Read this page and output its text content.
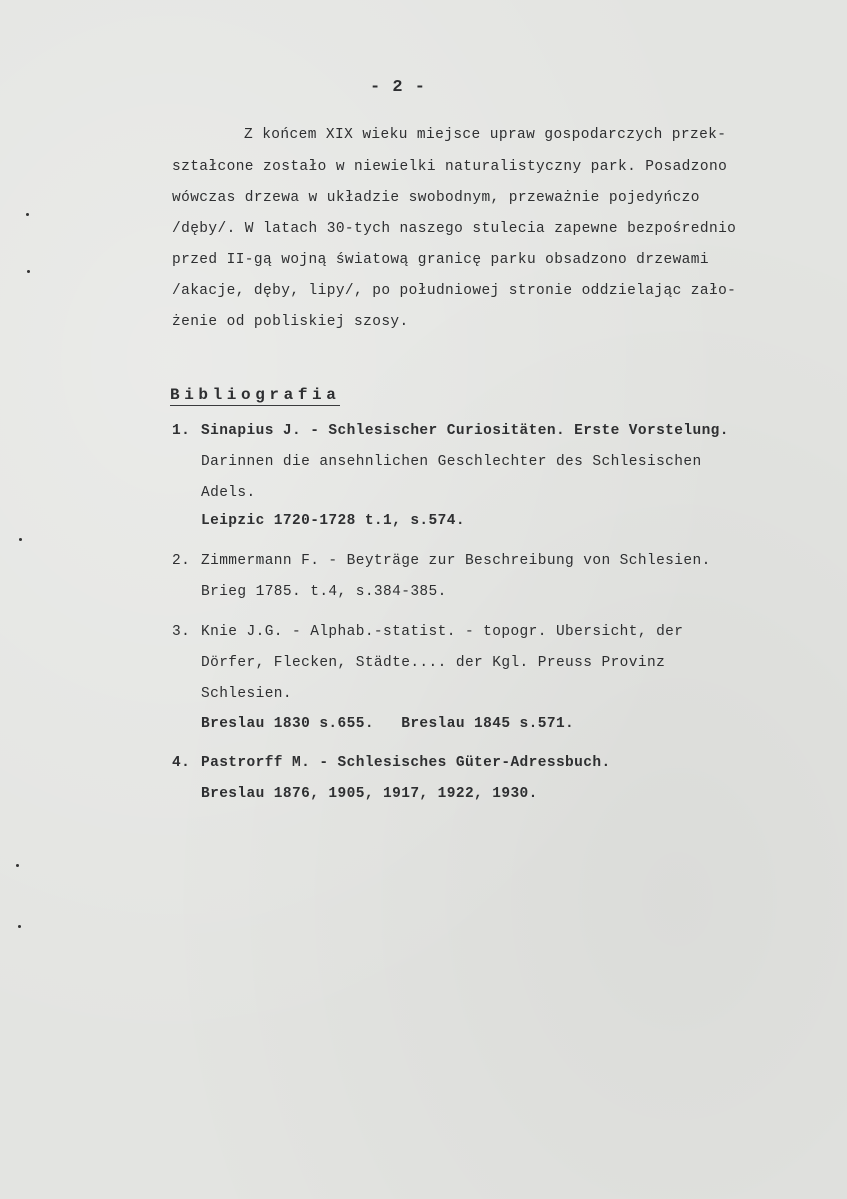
- 2 -
Z końcem XIX wieku miejsce upraw gospodarczych przek-
ształcone zostało w niewielki naturalistyczny park. Posadzono
wówczas drzewa w układzie swobodnym, przeważnie pojedyńczo
/dęby/. W latach 30-tych naszego stulecia zapewne bezpośrednio
przed II-gą wojną światową granicę parku obsadzono drzewami
/akacje, dęby, lipy/, po południowej stronie oddzielając zało-
żenie od pobliskiej szosy.
Bibliografia
1. Sinapius J. - Schlesischer Curiositäten. Erste Vorstelung.
Darinnen die ansehnlichen Geschlechter des Schlesischen
Adels.
Leipzic 1720-1728 t.1, s.574.
2. Zimmermann F. - Beyträge zur Beschreibung von Schlesien.
Brieg 1785. t.4, s.384-385.
3. Knie J.G. - Alphab.-statist. - topogr. Ubersicht, der
Dörfer, Flecken, Städte.... der Kgl. Preuss Provinz
Schlesien.
Breslau 1830 s.655.   Breslau 1845 s.571.
4. Pastrorff M. - Schlesisches Güter-Adressbuch.
Breslau 1876, 1905, 1917, 1922, 1930.
